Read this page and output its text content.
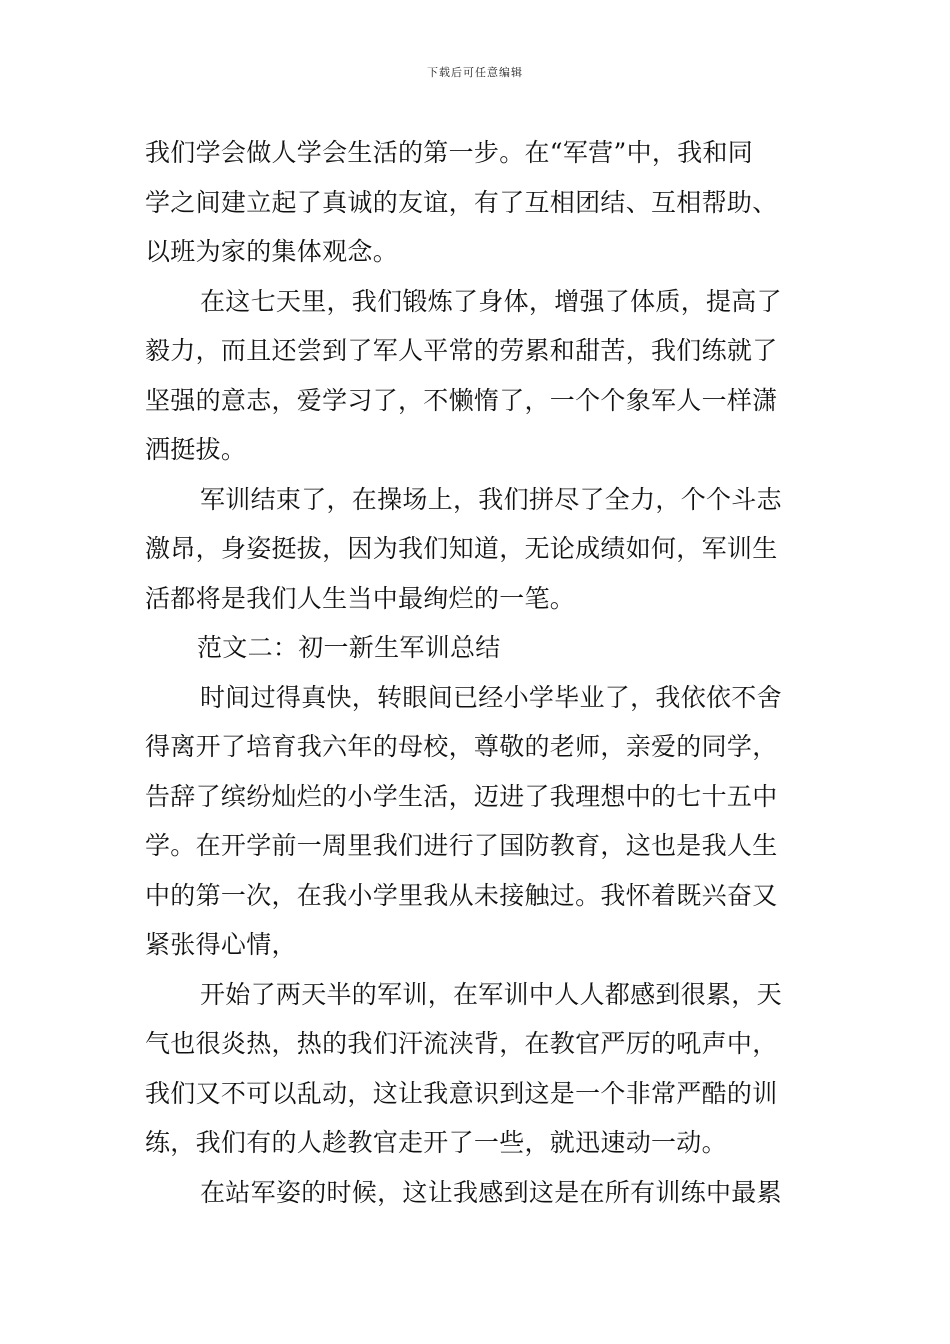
下载后可任意编辑
我们学会做人学会生活的第一步。在“军营”中，我和同
学之间建立起了真诚的友谊，有了互相团结、互相帮助、
以班为家的集体观念。
在这七天里，我们锻炼了身体，增强了体质，提高了
毅力，而且还尝到了军人平常的劳累和甜苦，我们练就了
坚强的意志，爱学习了，不懒惰了，一个个象军人一样潇
洒挺拔。
军训结束了，在操场上，我们拼尽了全力，个个斗志
激昂，身姿挺拔，因为我们知道，无论成绩如何，军训生
活都将是我们人生当中最绚烂的一笔。
范文二：初一新生军训总结
时间过得真快，转眼间已经小学毕业了，我依依不舍
得离开了培育我六年的母校，尊敬的老师，亲爱的同学，
告辞了缤纷灿烂的小学生活，迈进了我理想中的七十五中
学。在开学前一周里我们进行了国防教育，这也是我人生
中的第一次，在我小学里我从未接触过。我怀着既兴奋又
紧张得心情，
开始了两天半的军训，在军训中人人都感到很累，天
气也很炎热，热的我们汗流浃背，在教官严厉的吼声中，
我们又不可以乱动，这让我意识到这是一个非常严酷的训
练，我们有的人趁教官走开了一些，就迅速动一动。
在站军姿的时候，这让我感到这是在所有训练中最累
